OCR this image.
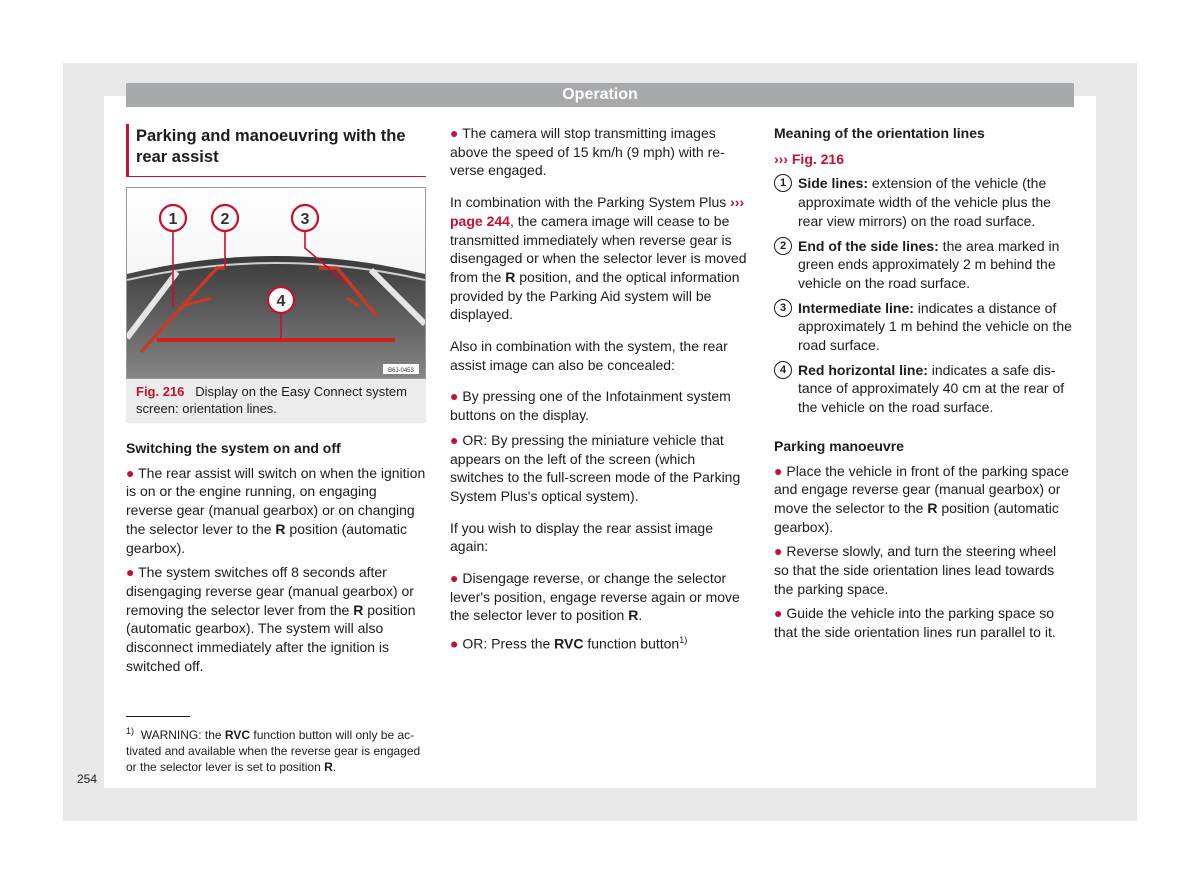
Operation
Parking and manoeuvring with the rear assist
1	2	3
4
B6J-0453
Fig. 216 Display on the Easy Connect system screen: orientation lines.

Switching the system on and off

● The rear assist will switch on when the ignition is on or the engine running, on engaging reverse gear (manual gearbox) or on changing the selector lever to the R position (automatic gearbox).

● The system switches off 8 seconds after disengaging reverse gear (manual gearbox) or removing the selector lever from the R position (automatic gearbox). The system will also disconnect immediately after the ignition is switched off.

$^{1)}$ WARNING: the RVC function button will only be activated and available when the reverse gear is engaged or the selector lever is set to position R.

● The camera will stop transmitting images above the speed of 15 km/h (9 mph) with reverse engaged.

In combination with the Parking System Plus ››› page 244, the camera image will cease to be transmitted immediately when reverse gear is disengaged or when the selector lever is moved from the R position, and the optical information provided by the Parking Aid system will be displayed.

Also in combination with the system, the rear assist image can also be concealed:

● By pressing one of the Infotainment system buttons on the display.

● OR: By pressing the miniature vehicle that appears on the left of the screen (which switches to the full-screen mode of the Parking System Plus's optical system).

If you wish to display the rear assist image again:

● Disengage reverse, or change the selector lever's position, engage reverse again or move the selector lever to position R.

● OR: Press the RVC function button$^{1)}$

Meaning of the orientation lines

››› Fig. 216

1 Side lines: extension of the vehicle (the approximate width of the vehicle plus the rear view mirrors) on the road surface.
2 End of the side lines: the area marked in green ends approximately 2 m behind the vehicle on the road surface.
3 Intermediate line: indicates a distance of approximately 1 m behind the vehicle on the road surface.
4 Red horizontal line: indicates a safe distance of approximately 40 cm at the rear of the vehicle on the road surface.

Parking manoeuvre

● Place the vehicle in front of the parking space and engage reverse gear (manual gearbox) or move the selector to the R position (automatic gearbox).

● Reverse slowly, and turn the steering wheel so that the side orientation lines lead towards the parking space.

● Guide the vehicle into the parking space so that the side orientation lines run parallel to it.

254
